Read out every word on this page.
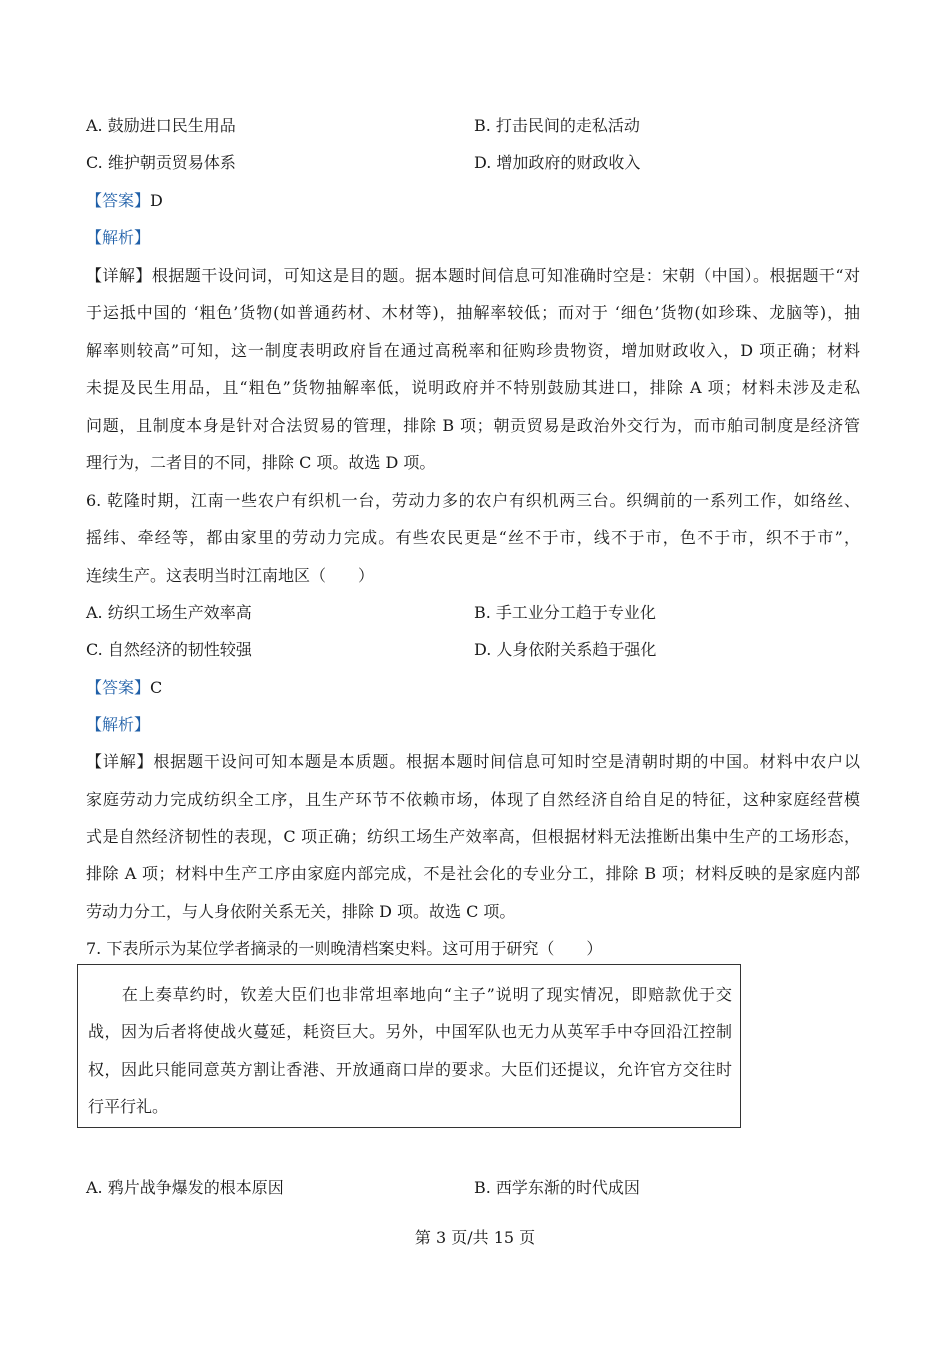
A. 鼓励进口民生用品	B. 打击民间的走私活动
C. 维护朝贡贸易体系	D. 增加政府的财政收入
【答案】D
【解析】
【详解】根据题干设问词，可知这是目的题。据本题时间信息可知准确时空是：宋朝（中国）。根据题干“对
于运抵中国的 ‘粗色’货物(如普通药材、木材等)，抽解率较低；而对于 ‘细色’货物(如珍珠、龙脑等)，抽
解率则较高”可知，这一制度表明政府旨在通过高税率和征购珍贵物资，增加财政收入，D 项正确；材料
未提及民生用品，且“粗色”货物抽解率低，说明政府并不特别鼓励其进口，排除 A 项；材料未涉及走私
问题，且制度本身是针对合法贸易的管理，排除 B 项；朝贡贸易是政治外交行为，而市舶司制度是经济管
理行为，二者目的不同，排除 C 项。故选 D 项。
6. 乾隆时期，江南一些农户有织机一台，劳动力多的农户有织机两三台。织绸前的一系列工作，如络丝、
摇纬、牵经等，都由家里的劳动力完成。有些农民更是“丝不于市，线不于市，色不于市，织不于市”，
连续生产。这表明当时江南地区（　　）
A. 纺织工场生产效率高	B. 手工业分工趋于专业化
C. 自然经济的韧性较强	D. 人身依附关系趋于强化
【答案】C
【解析】
【详解】根据题干设问可知本题是本质题。根据本题时间信息可知时空是清朝时期的中国。材料中农户以
家庭劳动力完成纺织全工序，且生产环节不依赖市场，体现了自然经济自给自足的特征，这种家庭经营模
式是自然经济韧性的表现，C 项正确；纺织工场生产效率高，但根据材料无法推断出集中生产的工场形态，
排除 A 项；材料中生产工序由家庭内部完成，不是社会化的专业分工，排除 B 项；材料反映的是家庭内部
劳动力分工，与人身依附关系无关，排除 D 项。故选 C 项。
7. 下表所示为某位学者摘录的一则晚清档案史料。这可用于研究（　　）
　　在上奏草约时，钦差大臣们也非常坦率地向“主子”说明了现实情况，即赔款优于交
战，因为后者将使战火蔓延，耗资巨大。另外，中国军队也无力从英军手中夺回沿江控制
权，因此只能同意英方割让香港、开放通商口岸的要求。大臣们还提议，允许官方交往时
行平行礼。
A. 鸦片战争爆发的根本原因	B. 西学东渐的时代成因
第 3 页/共 15 页
